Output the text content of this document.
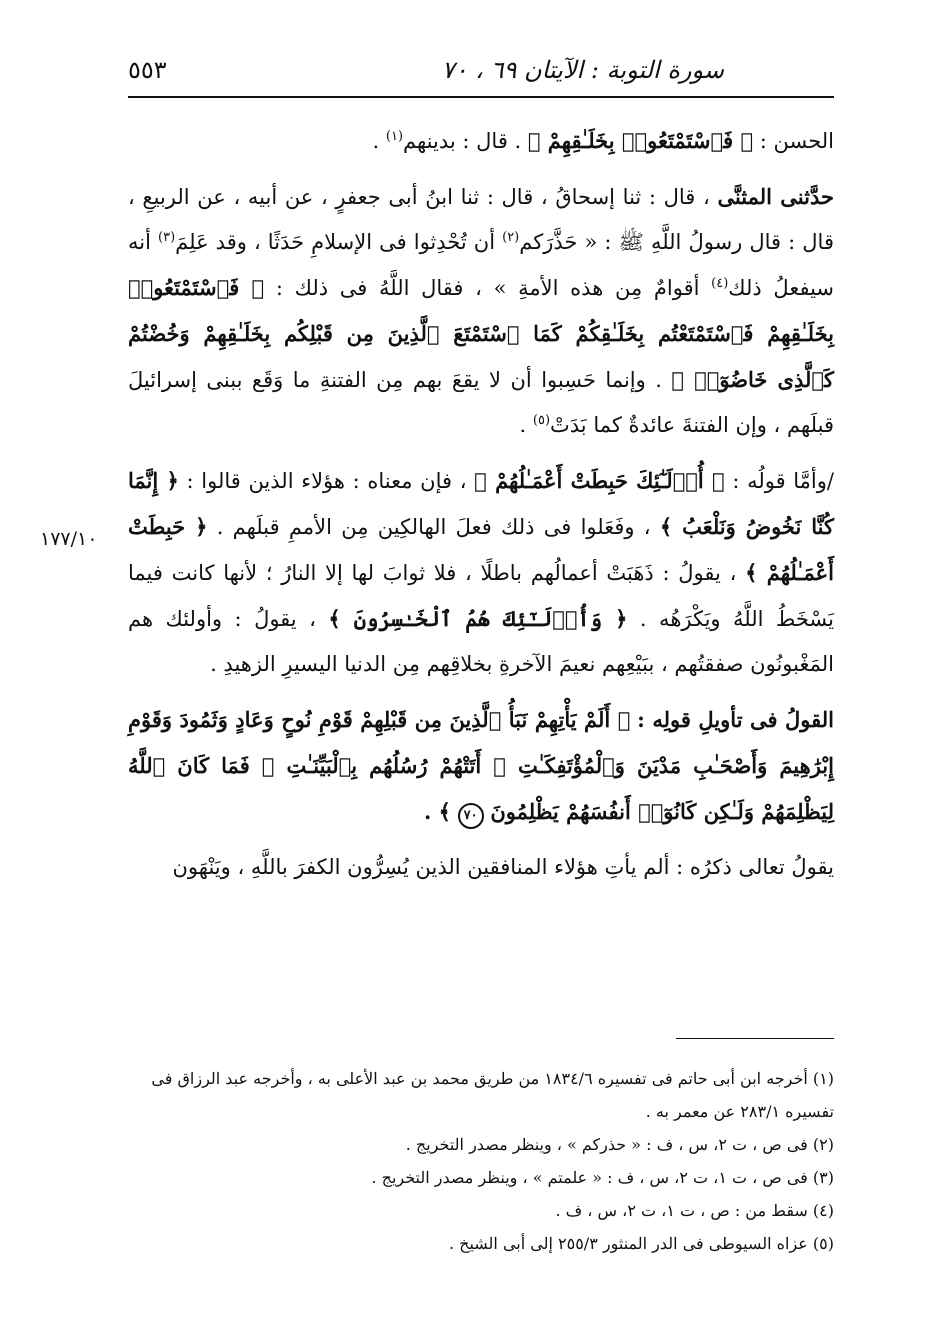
سورة التوبة : الآيتان ٦٩ ، ٧٠
٥٥٣
١٧٧/١٠

الحسن : ﴿ فَٱسْتَمْتَعُوا۟ بِخَلَـٰقِهِمْ ﴾ . قال : بدينهم$^{(١)}$ .

حدَّثنى المثنَّى ، قال : ثنا إسحاقُ ، قال : ثنا ابنُ أبى جعفرٍ ، عن أبيه ، عن الربيعِ ، قال : قال رسولُ اللَّهِ ﷺ : « حَذَّرَكم$^{(٢)}$ أن تُحْدِثوا فى الإسلامِ حَدَثًا ، وقد عَلِمَ$^{(٣)}$ أنه سيفعلُ ذلك$^{(٤)}$ أقوامٌ مِن هذه الأمةِ » ، فقال اللَّهُ فى ذلك : ﴿ فَٱسْتَمْتَعُوا۟ بِخَلَـٰقِهِمْ فَٱسْتَمْتَعْتُم بِخَلَـٰقِكُمْ كَمَا ٱسْتَمْتَعَ ٱلَّذِينَ مِن قَبْلِكُم بِخَلَـٰقِهِمْ وَخُضْتُمْ كَٱلَّذِى خَاضُوٓا۟ ﴾ . وإنما حَسِبوا أن لا يقعَ بهم مِن الفتنةِ ما وَقَع ببنى إسرائيلَ قبلَهم ، وإن الفتنةَ عائدةٌ كما بَدَتْ$^{(٥)}$ .

/وأمَّا قولُه : ﴿ أُو۟لَـٰٓئِكَ حَبِطَتْ أَعْمَـٰلُهُمْ ﴾ ، فإن معناه : هؤلاء الذين قالوا : ﴿ إِنَّمَا كُنَّا نَخُوضُ وَنَلْعَبُ ﴾ ، وفَعَلوا فى ذلك فعلَ الهالكِين مِن الأممِ قبلَهم . ﴿ حَبِطَتْ أَعْمَـٰلُهُمْ ﴾ ، يقولُ : ذَهَبَتْ أعمالُهم باطلًا ، فلا ثوابَ لها إلا النارُ ؛ لأنها كانت فيما يَسْخَطُ اللَّهُ ويَكْرَهُه . ﴿ وَأُو۟لَـٰٓئِكَ هُمُ ٱلْخَـٰسِرُونَ ﴾ ، يقولُ : وأولئك هم المَغْبونُون صفقتُهم ، ببَيْعِهم نعيمَ الآخرةِ بخلاقِهم مِن الدنيا اليسيرِ الزهيدِ .

القولُ فى تأويلِ قولِه : ﴿ أَلَمْ يَأْتِهِمْ نَبَأُ ٱلَّذِينَ مِن قَبْلِهِمْ قَوْمِ نُوحٍ وَعَادٍ وَثَمُودَ وَقَوْمِ إِبْرَٰهِيمَ وَأَصْحَـٰبِ مَدْيَنَ وَٱلْمُؤْتَفِكَـٰتِ ۚ أَتَتْهُمْ رُسُلُهُم بِٱلْبَيِّنَـٰتِ ۖ فَمَا كَانَ ٱللَّهُ لِيَظْلِمَهُمْ وَلَـٰكِن كَانُوٓا۟ أَنفُسَهُمْ يَظْلِمُونَ ٧٠ ﴾ .

يقولُ تعالى ذكرُه : ألم يأتِ هؤلاء المنافقين الذين يُسِرُّون الكفرَ باللَّهِ ، ويَنْهَون

(١) أخرجه ابن أبى حاتم فى تفسيره ١٨٣٤/٦ من طريق محمد بن عبد الأعلى به ، وأخرجه عبد الرزاق فى تفسيره ٢٨٣/١ عن معمر به .

(٢) فى ص ، ت ٢، س ، ف : « حذركم » ، وينظر مصدر التخريج .

(٣) فى ص ، ت ١، ت ٢، س ، ف : « علمتم » ، وينظر مصدر التخريج .

(٤) سقط من : ص ، ت ١، ت ٢، س ، ف .

(٥) عزاه السيوطى فى الدر المنثور ٢٥٥/٣ إلى أبى الشيخ .
